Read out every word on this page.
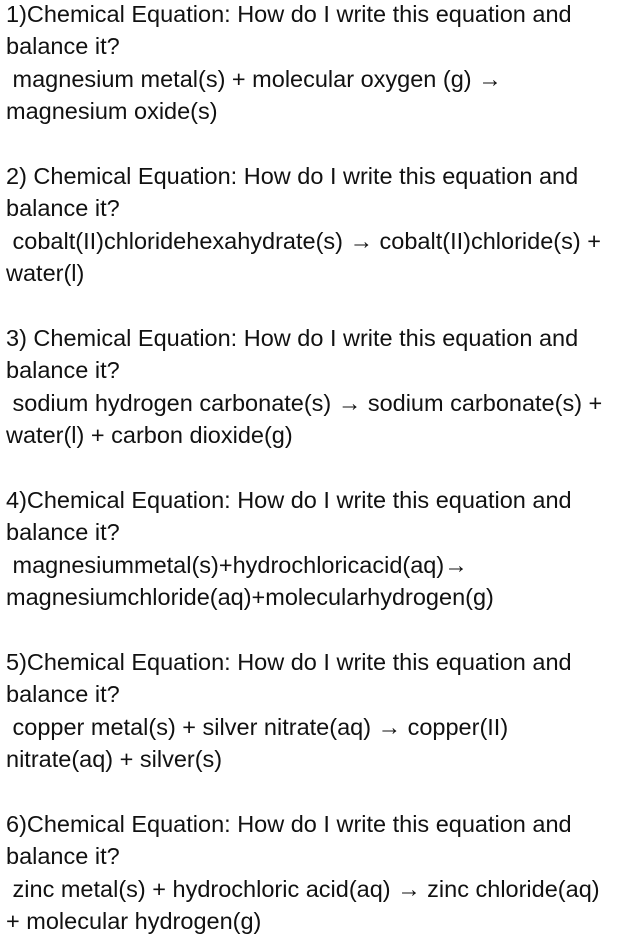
1)Chemical Equation: How do I write this equation and balance it?
magnesium metal(s) + molecular oxygen (g) → magnesium oxide(s)
2) Chemical Equation: How do I write this equation and balance it?
cobalt(II)chloridehexahydrate(s) → cobalt(II)chloride(s) + water(l)
3) Chemical Equation: How do I write this equation and balance it?
sodium hydrogen carbonate(s) → sodium carbonate(s) + water(l) + carbon dioxide(g)
4)Chemical Equation: How do I write this equation and balance it?
magnesiummetal(s)+hydrochloricacid(aq)→ magnesiumchloride(aq)+molecularhydrogen(g)
5)Chemical Equation: How do I write this equation and balance it?
copper metal(s) + silver nitrate(aq) → copper(II) nitrate(aq) + silver(s)
6)Chemical Equation: How do I write this equation and balance it?
zinc metal(s) + hydrochloric acid(aq) → zinc chloride(aq) + molecular hydrogen(g)
